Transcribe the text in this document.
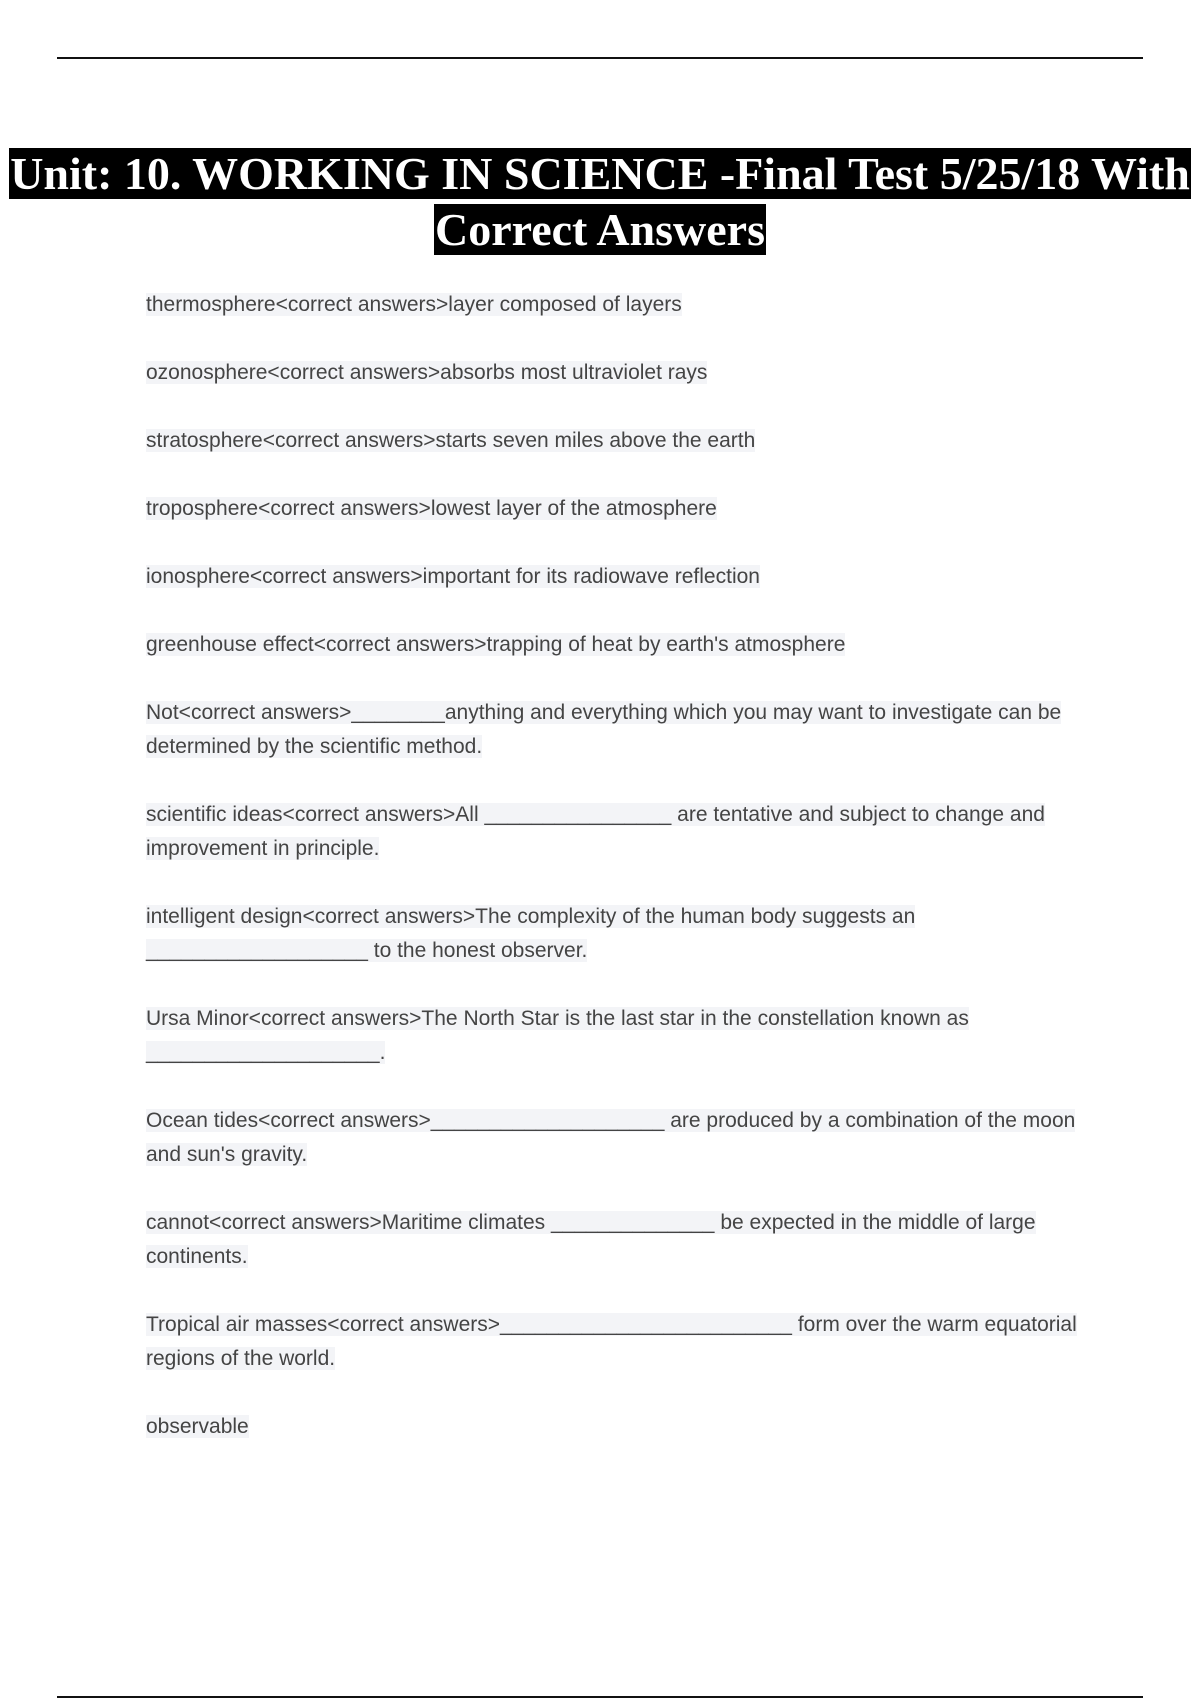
Unit: 10. WORKING IN SCIENCE -Final Test 5/25/18 With Correct Answers
thermosphere<correct answers>layer composed of layers
ozonosphere<correct answers>absorbs most ultraviolet rays
stratosphere<correct answers>starts seven miles above the earth
troposphere<correct answers>lowest layer of the atmosphere
ionosphere<correct answers>important for its radiowave reflection
greenhouse effect<correct answers>trapping of heat by earth's atmosphere
Not<correct answers>________anything and everything which you may want to investigate can be determined by the scientific method.
scientific ideas<correct answers>All ________________ are tentative and subject to change and improvement in principle.
intelligent design<correct answers>The complexity of the human body suggests an ___________________ to the honest observer.
Ursa Minor<correct answers>The North Star is the last star in the constellation known as ____________________.
Ocean tides<correct answers>____________________ are produced by a combination of the moon and sun's gravity.
cannot<correct answers>Maritime climates ______________ be expected in the middle of large continents.
Tropical air masses<correct answers>_________________________ form over the warm equatorial regions of the world.
observable
